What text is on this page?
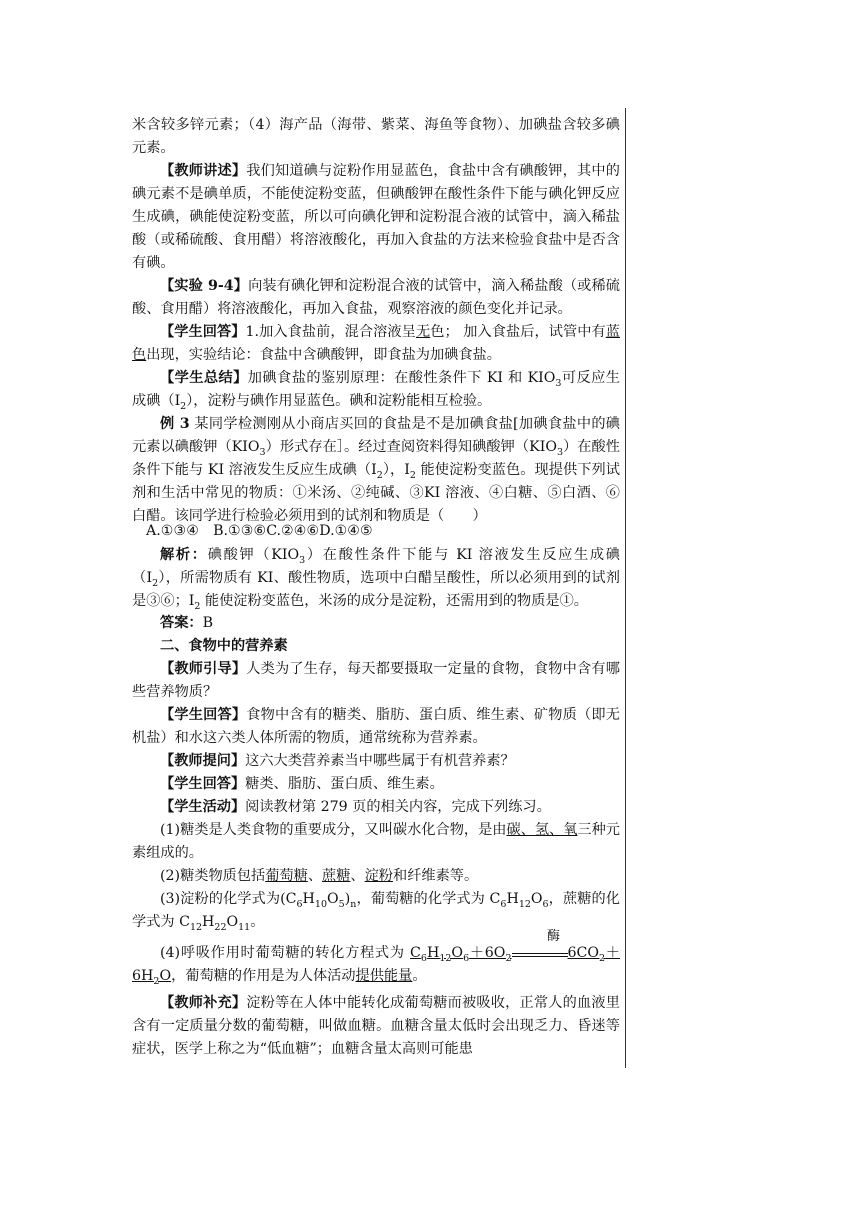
米含较多锌元素；（4）海产品（海带、紫菜、海鱼等食物）、加碘盐含较多碘元素。
【教师讲述】我们知道碘与淀粉作用显蓝色，食盐中含有碘酸钾，其中的碘元素不是碘单质，不能使淀粉变蓝，但碘酸钾在酸性条件下能与碘化钾反应生成碘，碘能使淀粉变蓝，所以可向碘化钾和淀粉混合液的试管中，滴入稀盐酸（或稀硫酸、食用醋）将溶液酸化，再加入食盐的方法来检验食盐中是否含有碘。
【实验 9-4】向装有碘化钾和淀粉混合液的试管中，滴入稀盐酸（或稀硫酸、食用醋）将溶液酸化，再加入食盐，观察溶液的颜色变化并记录。
【学生回答】1.加入食盐前，混合溶液呈无色； 加入食盐后，试管中有蓝色出现，实验结论：食盐中含碘酸钾，即食盐为加碘食盐。
【学生总结】加碘食盐的鉴别原理：在酸性条件下 KI 和 $KIO_3$可反应生成碘$(I_2)$，淀粉与碘作用显蓝色。碘和淀粉能相互检验。
例 3 某同学检测刚从小商店买回的食盐是不是加碘食盐[加碘食盐中的碘元素以碘酸钾$(KIO_3)$形式存在］。经过查阅资料得知碘酸钾$(KIO_3)$在酸性条件下能与 KI 溶液发生反应生成碘$(I_2)$，$I_2$ 能使淀粉变蓝色。现提供下列试剂和生活中常见的物质：①米汤、②纯碱、③KI 溶液、④白糖、⑤白酒、⑥白醋。该同学进行检验必须用到的试剂和物质是（　　）
A.①③④　B.①③⑥C.②④⑥D.①④⑤
解析：碘酸钾$(KIO_3)$在酸性条件下能与 KI 溶液发生反应生成碘$(I_2)$，所需物质有 KI、酸性物质，选项中白醋呈酸性，所以必须用到的试剂是③⑥；$I_2$ 能使淀粉变蓝色，米汤的成分是淀粉，还需用到的物质是①。
答案：B
二、食物中的营养素
【教师引导】人类为了生存，每天都要摄取一定量的食物，食物中含有哪些营养物质？
【学生回答】食物中含有的糖类、脂肪、蛋白质、维生素、矿物质（即无机盐）和水这六类人体所需的物质，通常统称为营养素。
【教师提问】这六大类营养素当中哪些属于有机营养素？
【学生回答】糖类、脂肪、蛋白质、维生素。
【学生活动】阅读教材第 279 页的相关内容，完成下列练习。
(1)糖类是人类食物的重要成分，又叫碳水化合物，是由碳、氢、氧三种元素组成的。
(2)糖类物质包括葡萄糖、蔗糖、淀粉和纤维素等。
(3)淀粉的化学式为$(C_6H_{10}O_5)_n$，葡萄糖的化学式为 $C_6H_{12}O_6$，蔗糖的化学式为 $C_{12}H_{22}O_{11}$。
(4)呼吸作用时葡萄糖的转化方程式为 $C_6H_{12}O_6+6O_2$
酶
$6CO_2+6H_2O$，葡萄糖的作用是为人体活动提供能量。
【教师补充】淀粉等在人体中能转化成葡萄糖而被吸收，正常人的血液里含有一定质量分数的葡萄糖，叫做血糖。血糖含量太低时会出现乏力、昏迷等症状，医学上称之为“低血糖”；血糖含量太高则可能患
